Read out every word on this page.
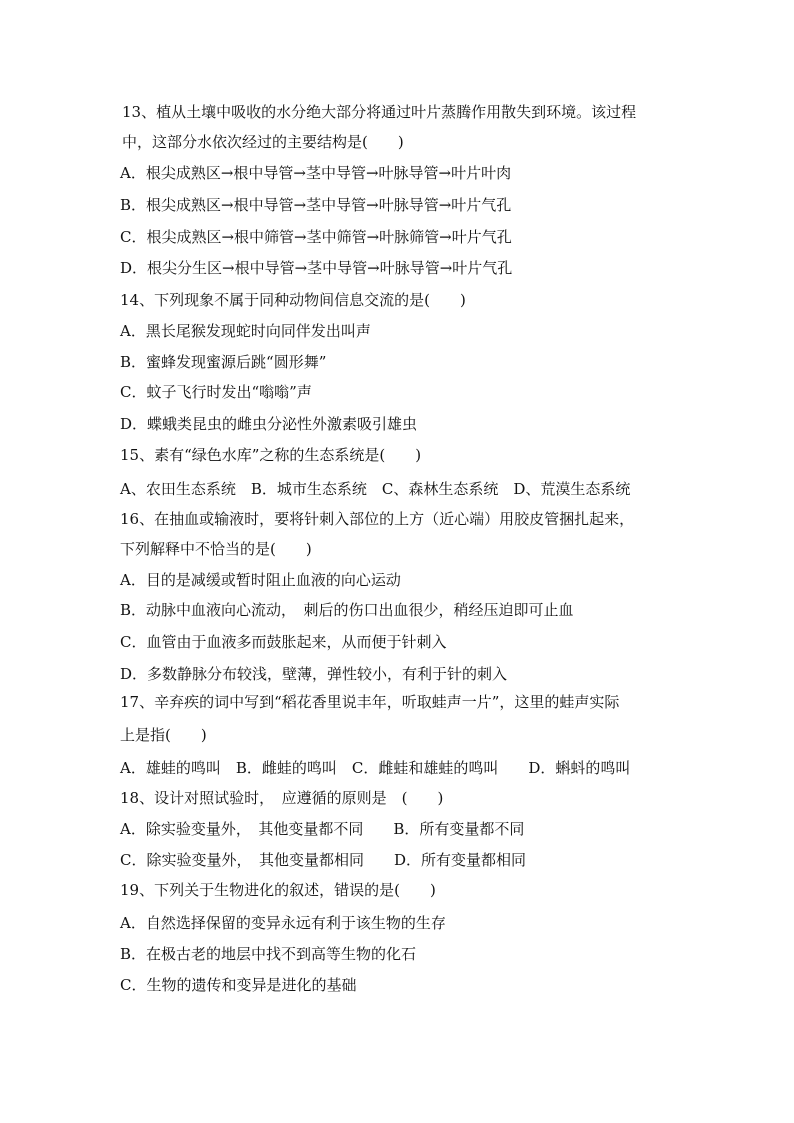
13、植从土壤中吸收的水分绝大部分将通过叶片蒸腾作用散失到环境。该过程
中，这部分水依次经过的主要结构是(　　)
A．根尖成熟区→根中导管→茎中导管→叶脉导管→叶片叶肉
B．根尖成熟区→根中导管→茎中导管→叶脉导管→叶片气孔
C．根尖成熟区→根中筛管→茎中筛管→叶脉筛管→叶片气孔
D．根尖分生区→根中导管→茎中导管→叶脉导管→叶片气孔
14、下列现象不属于同种动物间信息交流的是(　　)
A．黑长尾猴发现蛇时向同伴发出叫声
B．蜜蜂发现蜜源后跳“圆形舞”
C．蚊子飞行时发出“嗡嗡”声
D．蝶蛾类昆虫的雌虫分泌性外激素吸引雄虫
15、素有“绿色水库”之称的生态系统是(　　)
A、农田生态系统　B．城市生态系统　C、森林生态系统　D、荒漠生态系统
16、在抽血或输液时，要将针刺入部位的上方（近心端）用胶皮管捆扎起来，
下列解释中不恰当的是(　　)
A．目的是减缓或暂时阻止血液的向心运动
B．动脉中血液向心流动，　刺后的伤口出血很少，稍经压迫即可止血
C．血管由于血液多而鼓胀起来，从而便于针刺入
D．多数静脉分布较浅，壁薄，弹性较小，有利于针的刺入
17、辛弃疾的词中写到“稻花香里说丰年，听取蛙声一片”，这里的蛙声实际
上是指(　　)
A．雄蛙的鸣叫　B．雌蛙的鸣叫　C．雌蛙和雄蛙的鸣叫　　D．蝌蚪的鸣叫
18、设计对照试验时，　应遵循的原则是　(　　)
A．除实验变量外，　其他变量都不同　　B．所有变量都不同
C．除实验变量外，　其他变量都相同　　D．所有变量都相同
19、下列关于生物进化的叙述，错误的是(　　)
A．自然选择保留的变异永远有利于该生物的生存
B．在极古老的地层中找不到高等生物的化石
C．生物的遗传和变异是进化的基础
